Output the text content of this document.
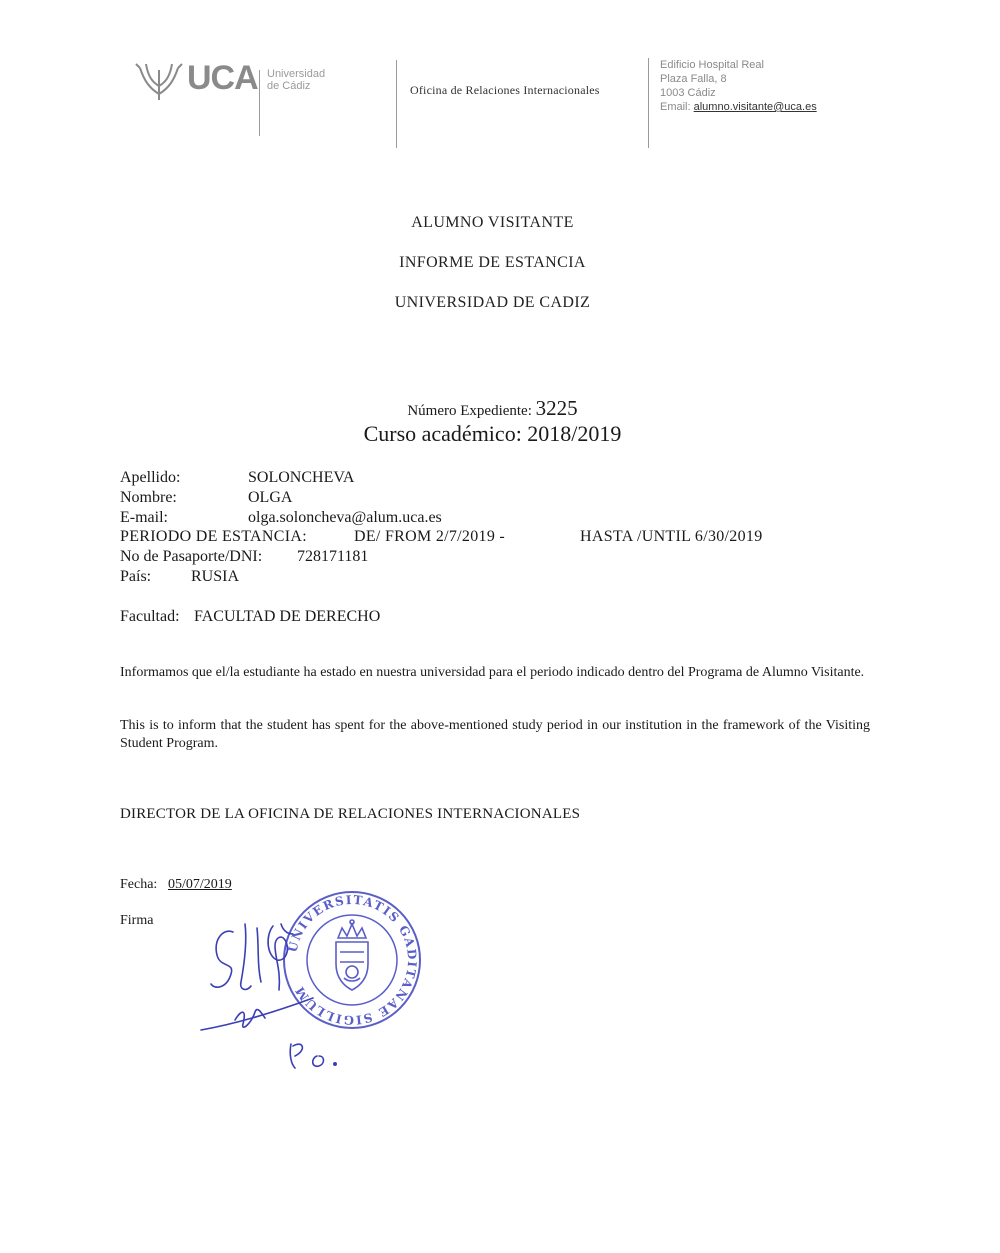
UCA Universidad
de Cádiz	Oficina de Relaciones Internacionales
Edificio Hospital Real
Plaza Falla, 8
1003 Cádiz
Email: alumno.visitante@uca.es
ALUMNO VISITANTE
INFORME DE ESTANCIA
UNIVERSIDAD DE CADIZ
Número Expediente: 3225
Curso académico: 2018/2019
Apellido:	SOLONCHEVA
Nombre:	OLGA
E-mail:	olga.soloncheva@alum.uca.es
PERIODO DE ESTANCIA:	DE/ FROM 2/7/2019 -	HASTA /UNTIL 6/30/2019
No de Pasaporte/DNI: 728171181
País: RUSIA
Facultad: FACULTAD DE DERECHO
Informamos que el/la estudiante ha estado en nuestra universidad para el periodo indicado dentro del Programa de Alumno Visitante.
This is to inform that the student has spent for the above-mentioned study period in our institution in the framework of the Visiting Student Program.
DIRECTOR DE LA OFICINA DE RELACIONES INTERNACIONALES
Fecha: 05/07/2019
Firma
UNIVERSITATIS GADITANAE SIGILLUM
